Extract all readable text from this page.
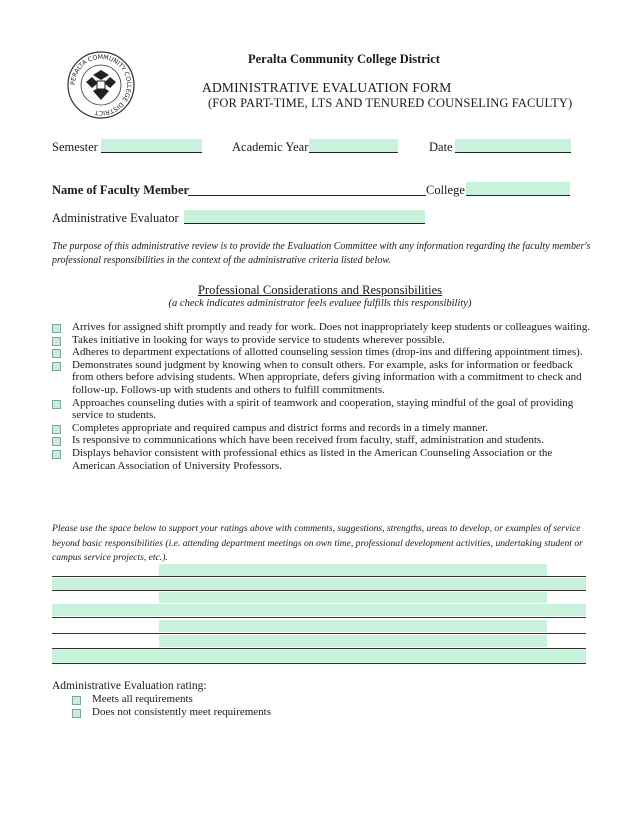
PERALTA COMMUNITY COLLEGE DISTRICT
Peralta Community College District
ADMINISTRATIVE EVALUATION FORM
(FOR PART-TIME, LTS AND TENURED COUNSELING FACULTY)
Semester	Academic Year	Date
Name of Faculty Member	College
Administrative Evaluator
The purpose of this administrative review is to provide the Evaluation Committee with any information regarding the faculty member's professional responsibilities in the context of the administrative criteria listed below.
Professional Considerations and Responsibilities
(a check indicates administrator feels evaluee fulfills this responsibility)
Arrives for assigned shift promptly and ready for work. Does not inappropriately keep students or colleagues waiting.
Takes initiative in looking for ways to provide service to students wherever possible.
Adheres to department expectations of allotted counseling session times (drop-ins and differing appointment times).
Demonstrates sound judgment by knowing when to consult others. For example, asks for information or feedback from others before advising students. When appropriate, defers giving information with a commitment to check and follow-up. Follows-up with students and others to fulfill commitments.
Approaches counseling duties with a spirit of teamwork and cooperation, staying mindful of the goal of providing service to students.
Completes appropriate and required campus and district forms and records in a timely manner.
Is responsive to communications which have been received from faculty, staff, administration and students.
Displays behavior consistent with professional ethics as listed in the American Counseling Association or the American Association of University Professors.
Please use the space below to support your ratings above with comments, suggestions, strengths, areas to develop, or examples of service beyond basic responsibilities (i.e. attending department meetings on own time, professional development activities, undertaking student or campus service projects, etc.).
Administrative Evaluation rating:
Meets all requirements
Does not consistently meet requirements
